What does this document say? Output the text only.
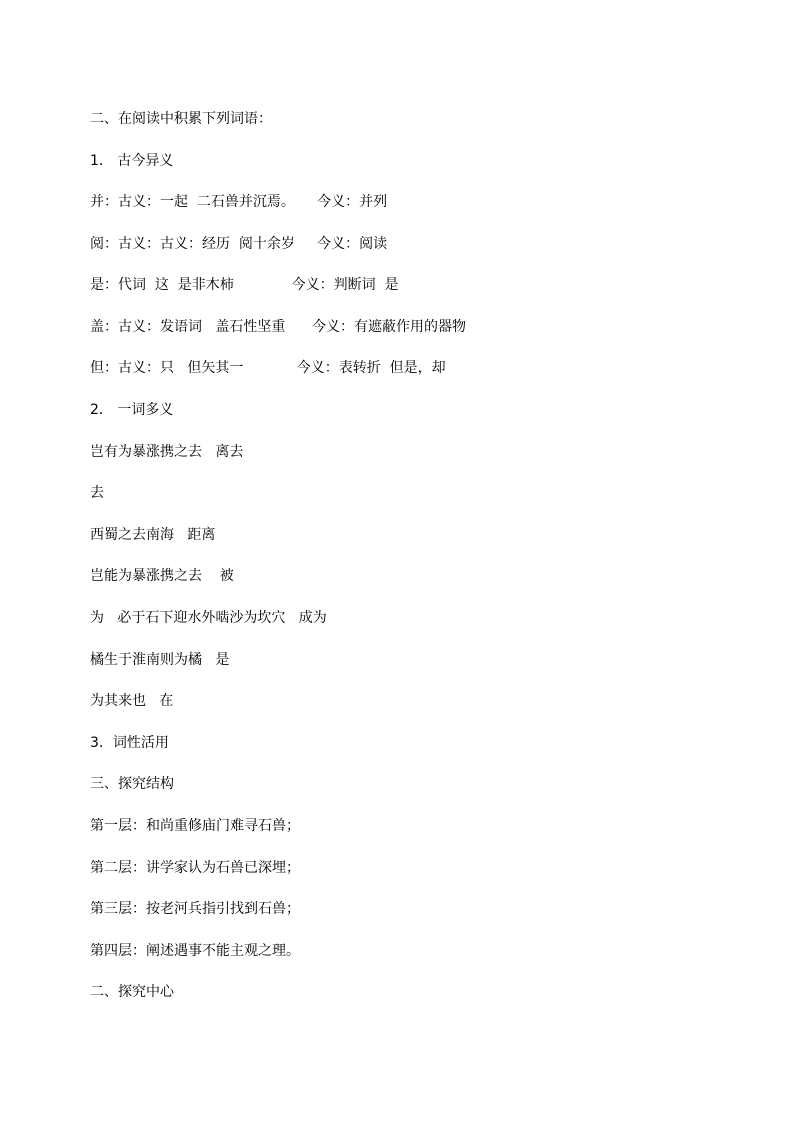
二、在阅读中积累下列词语：
1． 古今异义
并：古义：一起  二石兽并沉焉。     今义：并列
阅：古义：古义：经历  阅十余岁     今义：阅读
是：代词  这  是非木柿             今义：判断词  是
盖：古义：发语词   盖石性坚重      今义：有遮蔽作用的器物
但：古义：只   但矢其一            今义：表转折  但是，却
2． 一词多义
岂有为暴涨携之去   离去
去
西蜀之去南海   距离
岂能为暴涨携之去    被
为   必于石下迎水外啮沙为坎穴   成为
橘生于淮南则为橘   是
为其来也   在
3．词性活用
三、探究结构
第一层：和尚重修庙门难寻石兽；
第二层：讲学家认为石兽已深埋；
第三层：按老河兵指引找到石兽；
第四层：阐述遇事不能主观之理。
二、探究中心
